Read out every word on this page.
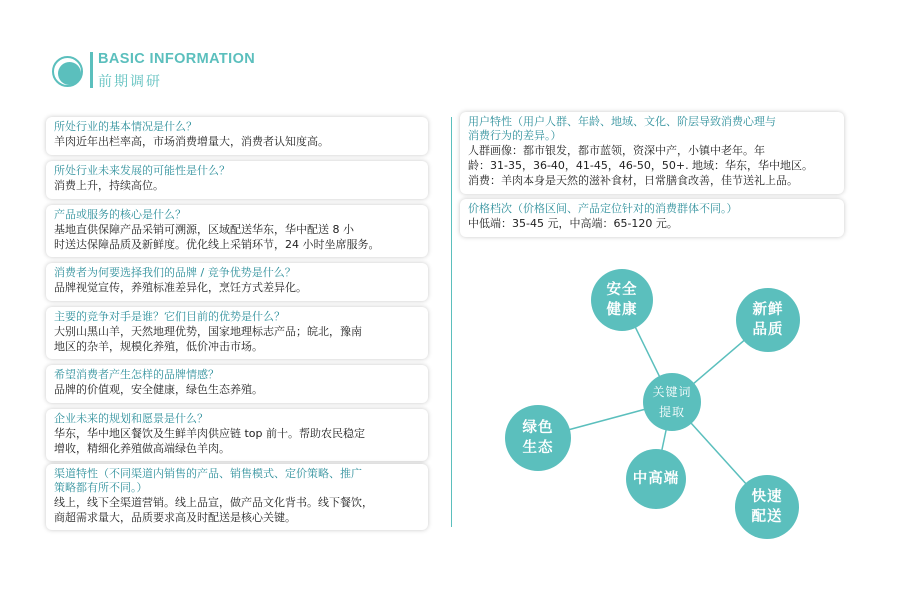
BASIC INFORMATION
前期调研
所处行业的基本情况是什么？
羊肉近年出栏率高，市场消费增量大，消费者认知度高。
所处行业未来发展的可能性是什么？
消费上升，持续高位。
产品或服务的核心是什么？
基地直供保障产品采销可溯源，区域配送华东，华中配送 8 小
时送达保障品质及新鲜度。优化线上采销环节，24 小时坐席服务。
消费者为何要选择我们的品牌 / 竞争优势是什么？
品牌视觉宣传，养殖标准差异化，烹饪方式差异化。
主要的竞争对手是谁？它们目前的优势是什么？
大别山黑山羊，天然地理优势，国家地理标志产品；皖北，豫南
地区的杂羊，规模化养殖，低价冲击市场。
希望消费者产生怎样的品牌情感？
品牌的价值观，安全健康，绿色生态养殖。
企业未来的规划和愿景是什么？
华东，华中地区餐饮及生鲜羊肉供应链 top 前十。帮助农民稳定
增收，精细化养殖做高端绿色羊肉。
渠道特性（不同渠道内销售的产品、销售模式、定价策略、推广
策略都有所不同。）
线上，线下全渠道营销。线上品宣，做产品文化背书。线下餐饮，
商超需求量大，品质要求高及时配送是核心关键。
用户特性（用户人群、年龄、地域、文化、阶层导致消费心理与
消费行为的差异。）
人群画像：都市银发，都市蓝领，资深中产，小镇中老年。年
龄：31-35，36-40，41-45，46-50，50+. 地域：华东，华中地区。
消费：羊肉本身是天然的滋补食材，日常膳食改善，佳节送礼上品。
价格档次（价格区间、产品定位针对的消费群体不同。）
中低端：35-45 元，中高端：65-120 元。
安全
健康	新鲜
品质
关键词
提取
绿色
生态
中高端
快速
配送
